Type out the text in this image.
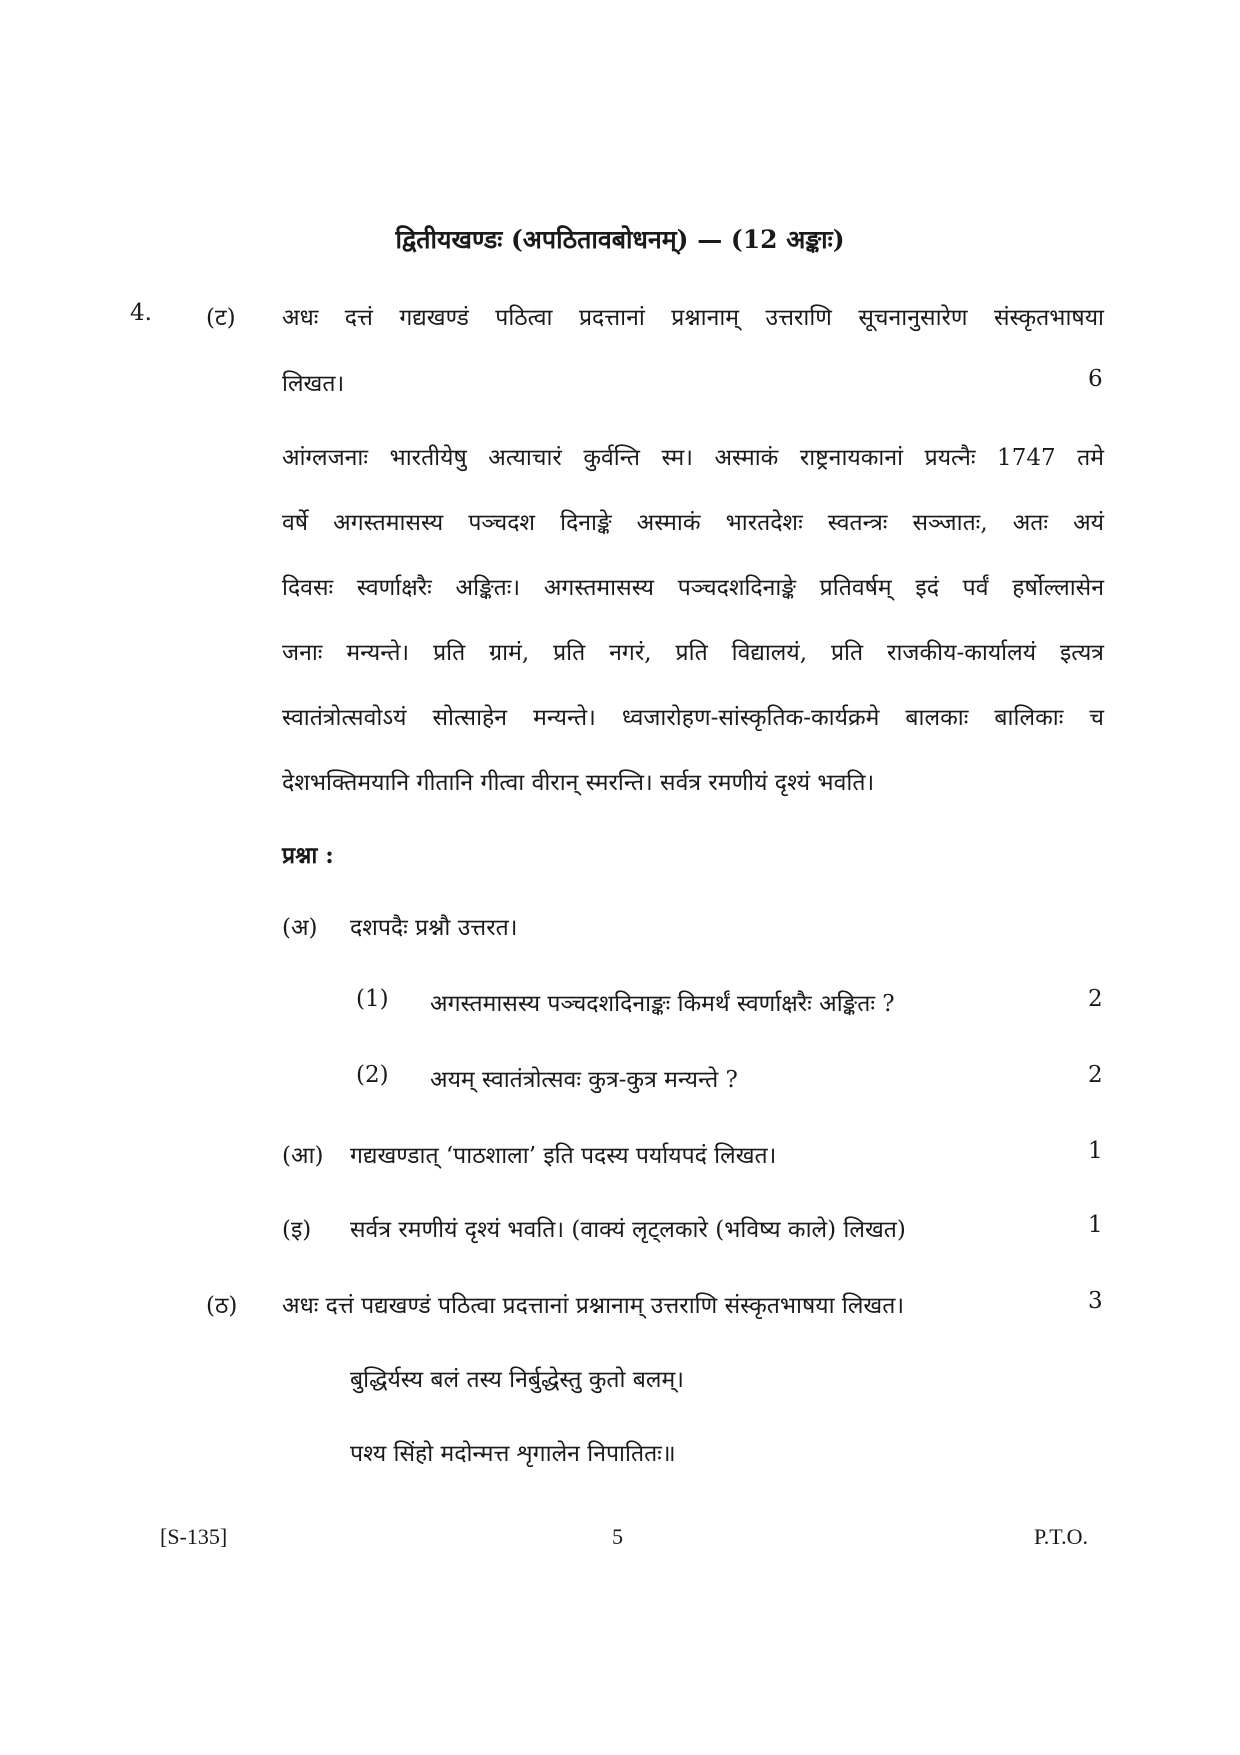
द्वितीयखण्डः (अपठितावबोधनम्) — (12 अङ्काः)
4. (ट) अधः दत्तं गद्यखण्डं पठित्वा प्रदत्तानां प्रश्नानाम् उत्तराणि सूचनानुसारेण संस्कृतभाषया
लिखत।	6
आंग्लजनाः भारतीयेषु अत्याचारं कुर्वन्ति स्म। अस्माकं राष्ट्रनायकानां प्रयत्नैः 1747 तमे
वर्षे अगस्तमासस्य पञ्चदश दिनाङ्के अस्माकं भारतदेशः स्वतन्त्रः सञ्जातः, अतः अयं
दिवसः स्वर्णाक्षरैः अङ्कितः। अगस्तमासस्य पञ्चदशदिनाङ्के प्रतिवर्षम् इदं पर्वं हर्षोल्लासेन
जनाः मन्यन्ते। प्रति ग्रामं, प्रति नगरं, प्रति विद्यालयं, प्रति राजकीय-कार्यालयं इत्यत्र
स्वातंत्रोत्सवोऽयं सोत्साहेन मन्यन्ते। ध्वजारोहण-सांस्कृतिक-कार्यक्रमे बालकाः बालिकाः च
देशभक्तिमयानि गीतानि गीत्वा वीरान् स्मरन्ति। सर्वत्र रमणीयं दृश्यं भवति।
प्रश्ना :
(अ) दशपदैः प्रश्नौ उत्तरत।
(1) अगस्तमासस्य पञ्चदशदिनाङ्कः किमर्थं स्वर्णाक्षरैः अङ्कितः ?	2
(2) अयम् स्वातंत्रोत्सवः कुत्र-कुत्र मन्यन्ते ?	2
(आ) गद्यखण्डात् ‘पाठशाला’ इति पदस्य पर्यायपदं लिखत।	1
(इ) सर्वत्र रमणीयं दृश्यं भवति। (वाक्यं लृट्लकारे (भविष्य काले) लिखत)	1
(ठ) अधः दत्तं पद्यखण्डं पठित्वा प्रदत्तानां प्रश्नानाम् उत्तराणि संस्कृतभाषया लिखत।	3
बुद्धिर्यस्य बलं तस्य निर्बुद्धेस्तु कुतो बलम्।
पश्य सिंहो मदोन्मत्त शृगालेन निपातितः॥
[S-135]	5	P.T.O.
